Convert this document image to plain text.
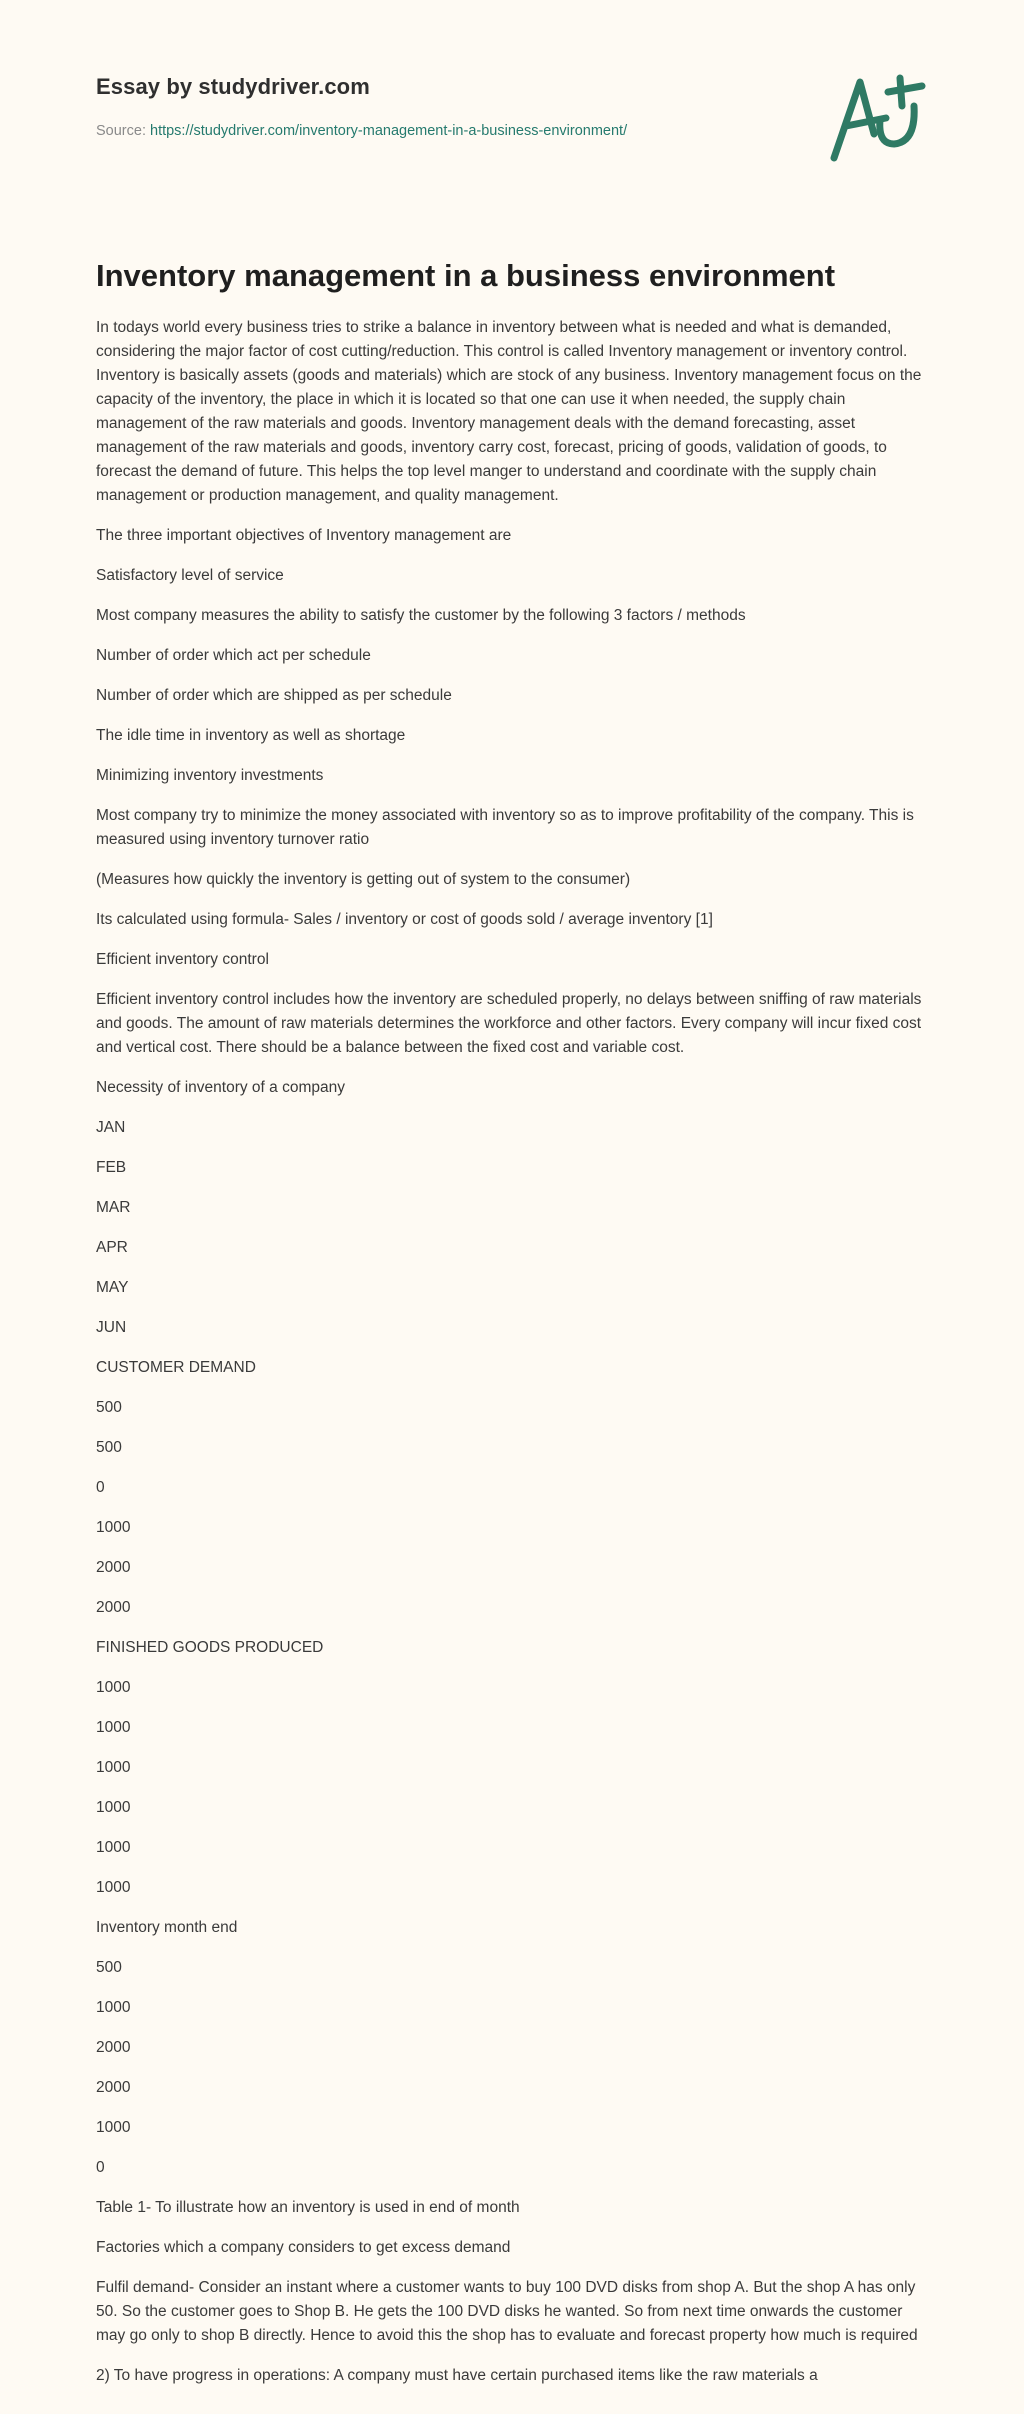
Essay by studydriver.com
Source: https://studydriver.com/inventory-management-in-a-business-environment/
Inventory management in a business environment

In todays world every business tries to strike a balance in inventory between what is needed and what is demanded, considering the major factor of cost cutting/reduction. This control is called Inventory management or inventory control. Inventory is basically assets (goods and materials) which are stock of any business. Inventory management focus on the capacity of the inventory, the place in which it is located so that one can use it when needed, the supply chain management of the raw materials and goods. Inventory management deals with the demand forecasting, asset management of the raw materials and goods, inventory carry cost, forecast, pricing of goods, validation of goods, to forecast the demand of future. This helps the top level manger to understand and coordinate with the supply chain management or production management, and quality management.

The three important objectives of Inventory management are

Satisfactory level of service

Most company measures the ability to satisfy the customer by the following 3 factors / methods

Number of order which act per schedule

Number of order which are shipped as per schedule

The idle time in inventory as well as shortage

Minimizing inventory investments

Most company try to minimize the money associated with inventory so as to improve profitability of the company. This is measured using inventory turnover ratio

(Measures how quickly the inventory is getting out of system to the consumer)

Its calculated using formula- Sales / inventory or cost of goods sold / average inventory [1]

Efficient inventory control

Efficient inventory control includes how the inventory are scheduled properly, no delays between sniffing of raw materials and goods. The amount of raw materials determines the workforce and other factors. Every company will incur fixed cost and vertical cost. There should be a balance between the fixed cost and variable cost.

Necessity of inventory of a company

JAN

FEB

MAR

APR

MAY

JUN

CUSTOMER DEMAND

500

500

0

1000

2000

2000

FINISHED GOODS PRODUCED

1000

1000

1000

1000

1000

1000

Inventory month end

500

1000

2000

2000

1000

0

Table 1- To illustrate how an inventory is used in end of month

Factories which a company considers to get excess demand

Fulfil demand- Consider an instant where a customer wants to buy 100 DVD disks from shop A. But the shop A has only 50. So the customer goes to Shop B. He gets the 100 DVD disks he wanted. So from next time onwards the customer may go only to shop B directly. Hence to avoid this the shop has to evaluate and forecast property how much is required

2) To have progress in operations: A company must have certain purchased items like the raw materials a
